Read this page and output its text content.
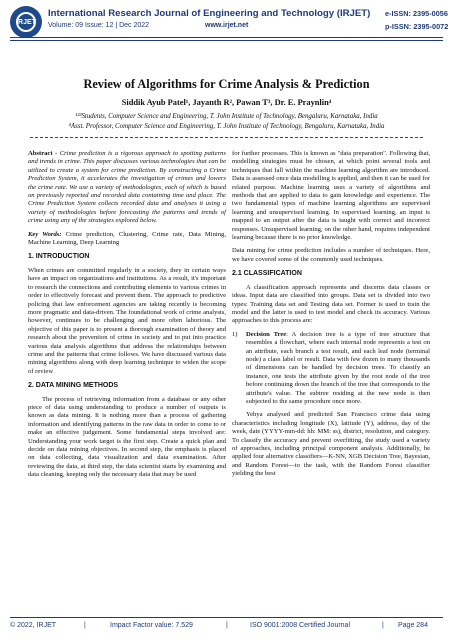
IRJET
International Research Journal of Engineering and Technology (IRJET) e-ISSN: 2395-0056
Volume: 09 Issue: 12 | Dec 2022	www.irjet.net	p-ISSN: 2395-0072
Review of Algorithms for Crime Analysis & Prediction
Siddik Ayub Patel¹, Jayanth R², Pawan T³, Dr. E. Praynlin⁴
¹²³Students, Computer Science and Engineering, T. John Institute of Technology, Bengaluru, Karnataka, India
⁴Asst. Professor, Computer Science and Engineering, T. John Institute of Technology, Bengaluru, Karnataka, India

Abstract - Crime prediction is a rigorous approach to spotting patterns and trends in crime. This paper discusses various technologies that can be utilized to create a system for crime prediction. By constructing a Crime Prediction System, it accelerates the investigation of crimes and lowers the crime rate. We use a variety of methodologies, each of which is based on previously reported and recorded data containing time and place. The Crime Prediction System collects recorded data and analyses it using a variety of methodologies before forecasting the patterns and trends of crime using any of the strategies explored below.

Key Words: Crime prediction, Clustering, Crime rate, Data Mining, Machine Learning, Deep Learning

1. INTRODUCTION

When crimes are committed regularly in a society, they in certain ways have an impact on organizations and institutions. As a result, it's important to research the connections and contributing elements to various crimes in order to effectively forecast and prevent them. The approach to predictive policing that law enforcement agencies are taking recently is becoming more pragmatic and data-driven. The foundational work of crime analysts, however, continues to be challenging and more often laborious. The objective of this paper is to present a thorough examination of theory and research about the prevention of crime in society and to put into practice various data analysis algorithms that address the relationships between crime and the patterns that crime follows. We have discussed various data mining algorithms along with deep learning technique to widen the scope of review

2. DATA MINING METHODS

The process of retrieving information from a database or any other piece of data using understanding to produce a number of outputs is known as data mining. It is nothing more than a process of gathering information and identifying patterns in the raw data in order to come to or make an effective judgement. Some fundamental steps involved are: Understanding your work target is the first step. Create a quick plan and decide on data mining objectives. In second step, the emphasis is placed on data collecting, data visualization and data examination. After reviewing the data, at third step, the data scientist starts by examining and data cleaning, keeping only the necessary data that may be used

for further processes. This is known as "data preparation". Following that, modelling strategies must be chosen, at which point several tools and techniques that fall within the machine learning algorithm are introduced. Data is assessed once data modelling is applied, and then it can be used for related purpose. Machine learning uses a variety of algorithms and methods that are applied to data to gain knowledge and experience. The two fundamental types of machine learning algorithms are supervised learning and unsupervised learning. In supervised learning, an input is mapped to an output after the data is taught with correct and incorrect responses. Unsupervised learning, on the other hand, requires independent learning because there is no prior knowledge.

Data mining for crime prediction includes a number of techniques. Here, we have covered some of the commonly used techniques.

2.1 CLASSIFICATION

A classification approach represents and discerns data classes or ideas. Input data are classified into groups. Data set is divided into two types: Training data set and Testing data set. Former is used to train the model and the latter is used to test model and check its accuracy. Various approaches to this process are:

1)	Decision Tree: A decision tree is a type of tree structure that resembles a flowchart, where each internal node represents a test on an attribute, each branch a test result, and each leaf node (terminal node) a class label or result. Data with few dozen to many thousands of dimensions can be handled by decision trees. To classify an instance, one tests the attribute given by the root node of the tree before continuing down the branch of the tree that corresponds to the attribute's value. The subtree residing at the new node is then subjected to the same procedure once more.

Yehya analysed and predicted San Francisco crime data using characteristics including longitude (X), latitude (Y), address, day of the week, date (YYYY-mm-dd: hh: MM: ss), district, resolution, and category. To classify the accuracy and prevent overfitting, the study used a variety of approaches, including principal component analysis. Additionally, he applied four alternative classifiers—K-NN, XGB Decision Tree, Bayesian, and Random Forest—to the task, with the Random Forest classifier yielding the best

© 2022, IRJET	|	Impact Factor value: 7.529	|	ISO 9001:2008 Certified Journal	| Page 284
